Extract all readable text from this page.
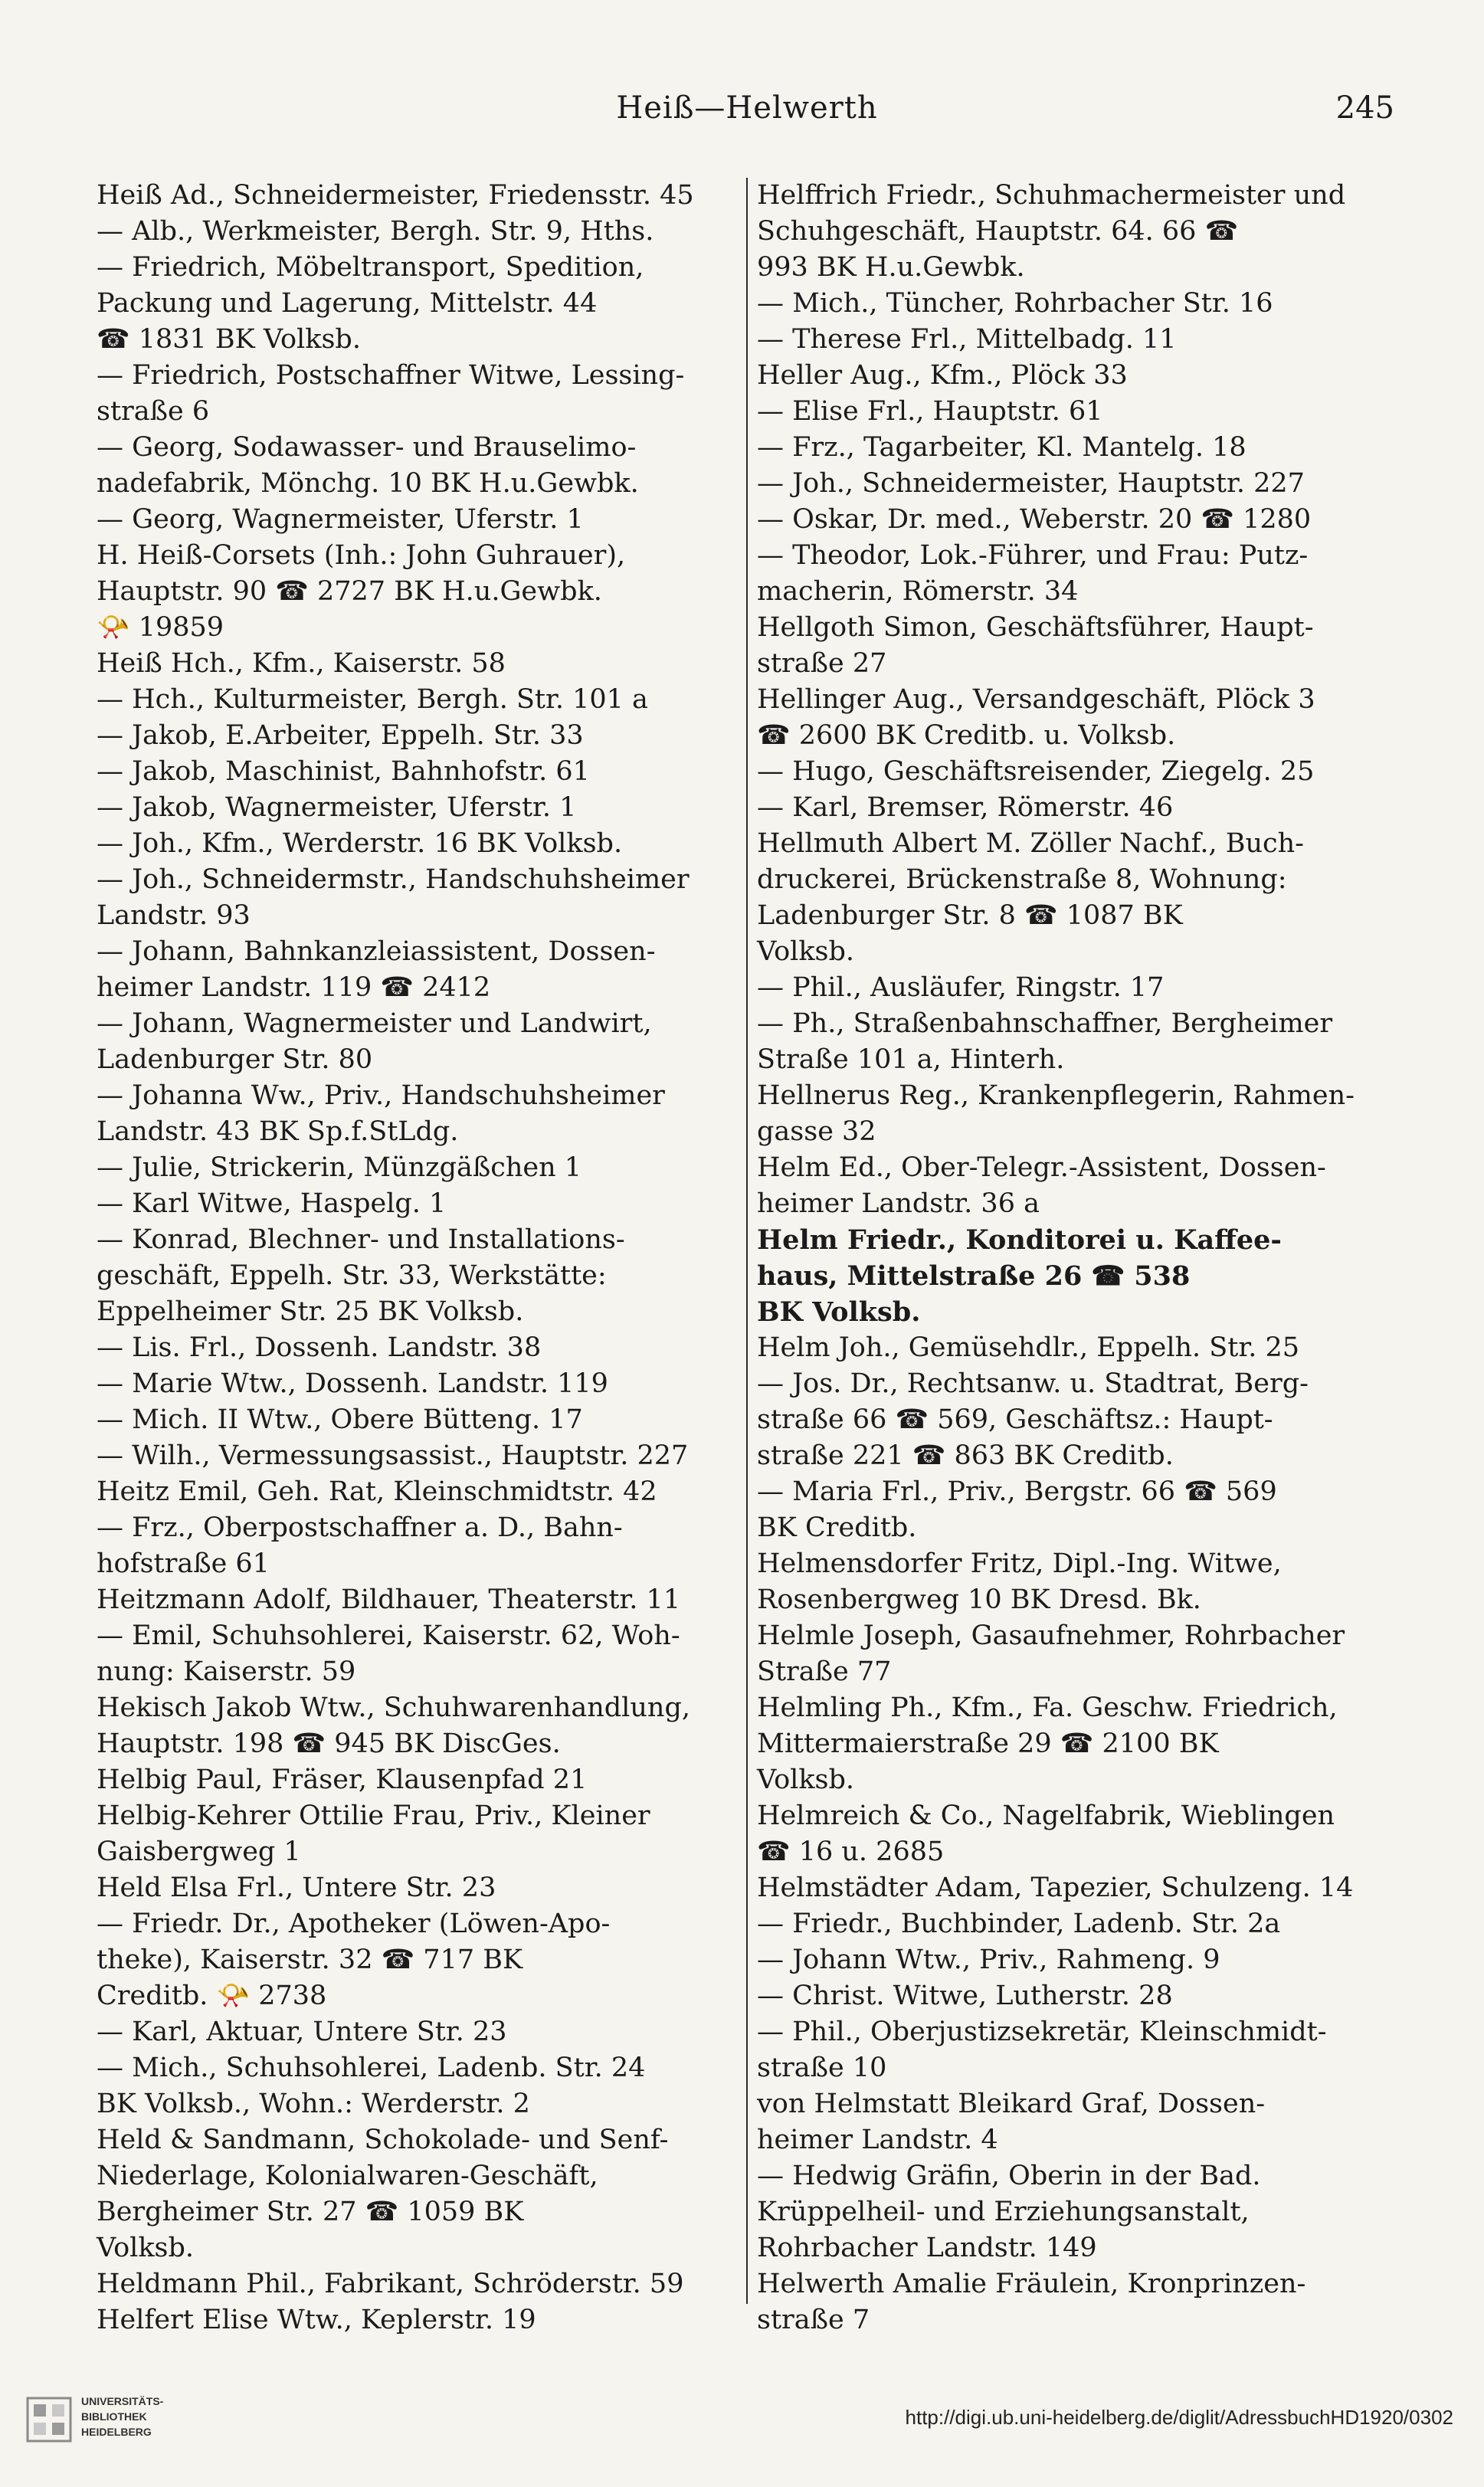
Heiß—Helwerth	245
Heiß Ad., Schneidermeister, Friedensstr. 45
— Alb., Werkmeister, Bergh. Str. 9, Hths.
— Friedrich, Möbeltransport, Spedition,
Packung und Lagerung, Mittelstr. 44
☎ 1831 BK Volksb.
— Friedrich, Postschaffner Witwe, Lessing-
straße 6
— Georg, Sodawasser- und Brauselimo-
nadefabrik, Mönchg. 10 BK H.u.Gewbk.
— Georg, Wagnermeister, Uferstr. 1
H. Heiß-Corsets (Inh.: John Guhrauer),
Hauptstr. 90 ☎ 2727 BK H.u.Gewbk.
📯 19859
Heiß Hch., Kfm., Kaiserstr. 58
— Hch., Kulturmeister, Bergh. Str. 101 a
— Jakob, E.Arbeiter, Eppelh. Str. 33
— Jakob, Maschinist, Bahnhofstr. 61
— Jakob, Wagnermeister, Uferstr. 1
— Joh., Kfm., Werderstr. 16 BK Volksb.
— Joh., Schneidermstr., Handschuhsheimer
Landstr. 93
— Johann, Bahnkanzleiassistent, Dossen-
heimer Landstr. 119 ☎ 2412
— Johann, Wagnermeister und Landwirt,
Ladenburger Str. 80
— Johanna Ww., Priv., Handschuhsheimer
Landstr. 43 BK Sp.f.StLdg.
— Julie, Strickerin, Münzgäßchen 1
— Karl Witwe, Haspelg. 1
— Konrad, Blechner- und Installations-
geschäft, Eppelh. Str. 33, Werkstätte:
Eppelheimer Str. 25 BK Volksb.
— Lis. Frl., Dossenh. Landstr. 38
— Marie Wtw., Dossenh. Landstr. 119
— Mich. II Wtw., Obere Bütteng. 17
— Wilh., Vermessungsassist., Hauptstr. 227
Heitz Emil, Geh. Rat, Kleinschmidtstr. 42
— Frz., Oberpostschaffner a. D., Bahn-
hofstraße 61
Heitzmann Adolf, Bildhauer, Theaterstr. 11
— Emil, Schuhsohlerei, Kaiserstr. 62, Woh-
nung: Kaiserstr. 59
Hekisch Jakob Wtw., Schuhwarenhandlung,
Hauptstr. 198 ☎ 945 BK DiscGes.
Helbig Paul, Fräser, Klausenpfad 21
Helbig-Kehrer Ottilie Frau, Priv., Kleiner
Gaisbergweg 1
Held Elsa Frl., Untere Str. 23
— Friedr. Dr., Apotheker (Löwen-Apo-
theke), Kaiserstr. 32 ☎ 717 BK
Creditb. 📯 2738
— Karl, Aktuar, Untere Str. 23
— Mich., Schuhsohlerei, Ladenb. Str. 24
BK Volksb., Wohn.: Werderstr. 2
Held & Sandmann, Schokolade- und Senf-
Niederlage, Kolonialwaren-Geschäft,
Bergheimer Str. 27 ☎ 1059 BK
Volksb.
Heldmann Phil., Fabrikant, Schröderstr. 59
Helfert Elise Wtw., Keplerstr. 19
Helffrich Friedr., Schuhmachermeister und
Schuhgeschäft, Hauptstr. 64. 66 ☎
993 BK H.u.Gewbk.
— Mich., Tüncher, Rohrbacher Str. 16
— Therese Frl., Mittelbadg. 11
Heller Aug., Kfm., Plöck 33
— Elise Frl., Hauptstr. 61
— Frz., Tagarbeiter, Kl. Mantelg. 18
— Joh., Schneidermeister, Hauptstr. 227
— Oskar, Dr. med., Weberstr. 20 ☎ 1280
— Theodor, Lok.-Führer, und Frau: Putz-
macherin, Römerstr. 34
Hellgoth Simon, Geschäftsführer, Haupt-
straße 27
Hellinger Aug., Versandgeschäft, Plöck 3
☎ 2600 BK Creditb. u. Volksb.
— Hugo, Geschäftsreisender, Ziegelg. 25
— Karl, Bremser, Römerstr. 46
Hellmuth Albert M. Zöller Nachf., Buch-
druckerei, Brückenstraße 8, Wohnung:
Ladenburger Str. 8 ☎ 1087 BK
Volksb.
— Phil., Ausläufer, Ringstr. 17
— Ph., Straßenbahnschaffner, Bergheimer
Straße 101 a, Hinterh.
Hellnerus Reg., Krankenpflegerin, Rahmen-
gasse 32
Helm Ed., Ober-Telegr.-Assistent, Dossen-
heimer Landstr. 36 a
Helm Friedr., Konditorei u. Kaffee-
haus, Mittelstraße 26 ☎ 538
BK Volksb.
Helm Joh., Gemüsehdlr., Eppelh. Str. 25
— Jos. Dr., Rechtsanw. u. Stadtrat, Berg-
straße 66 ☎ 569, Geschäftsz.: Haupt-
straße 221 ☎ 863 BK Creditb.
— Maria Frl., Priv., Bergstr. 66 ☎ 569
BK Creditb.
Helmensdorfer Fritz, Dipl.-Ing. Witwe,
Rosenbergweg 10 BK Dresd. Bk.
Helmle Joseph, Gasaufnehmer, Rohrbacher
Straße 77
Helmling Ph., Kfm., Fa. Geschw. Friedrich,
Mittermaierstraße 29 ☎ 2100 BK
Volksb.
Helmreich & Co., Nagelfabrik, Wieblingen
☎ 16 u. 2685
Helmstädter Adam, Tapezier, Schulzeng. 14
— Friedr., Buchbinder, Ladenb. Str. 2a
— Johann Wtw., Priv., Rahmeng. 9
— Christ. Witwe, Lutherstr. 28
— Phil., Oberjustizsekretär, Kleinschmidt-
straße 10
von Helmstatt Bleikard Graf, Dossen-
heimer Landstr. 4
— Hedwig Gräfin, Oberin in der Bad.
Krüppelheil- und Erziehungsanstalt,
Rohrbacher Landstr. 149
Helwerth Amalie Fräulein, Kronprinzen-
straße 7
UNIVERSITÄTS-
BIBLIOTHEK
HEIDELBERG
http://digi.ub.uni-heidelberg.de/diglit/AdressbuchHD1920/0302
